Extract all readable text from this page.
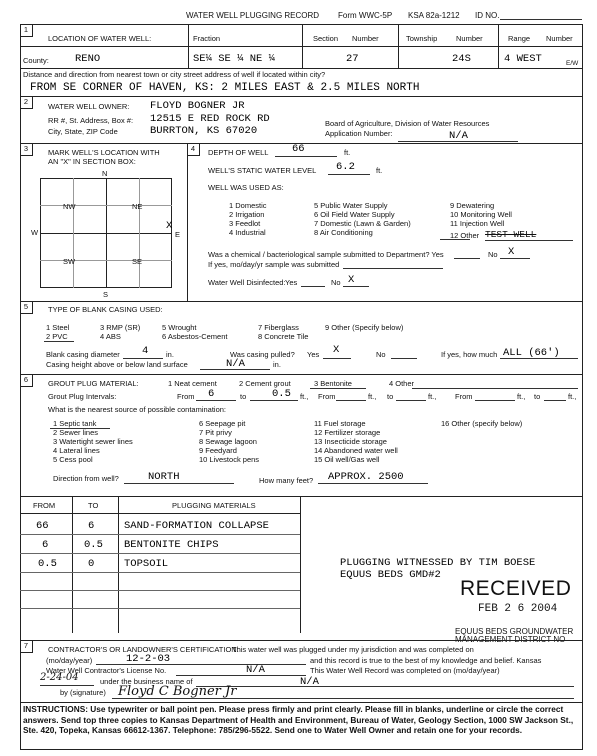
WATER WELL PLUGGING RECORD Form WWC-5P KSA 82a-1212 ID NO.
1
LOCATION OF WATER WELL:	Fraction	Section Number	Township Number	Range Number
County: RENO	SE¼ SE ¼ NE ¼	27	24S	4 WEST	E/W
Distance and direction from nearest town or city street address of well if located within city?
FROM SE CORNER OF HAVEN, KS: 2 MILES EAST & 2.5 MILES NORTH
2
WATER WELL OWNER: FLOYD BOGNER JR
RR #, St. Address, Box #: 12515 E RED ROCK RD
City, State, ZIP Code	BURRTON, KS 67020
Board of Agriculture, Division of Water Resources
Application Number:	N/A
3	MARK WELL'S LOCATION WITH
AN "X" IN SECTION BOX:
N
S
W	E
NW	NE
SW	SE
X
4	DEPTH OF WELL 66	ft.
WELL'S STATIC WATER LEVEL 6.2	ft.
WELL WAS USED AS:
1 Domestic
2 Irrigation
3 Feedlot
4 Industrial
5 Public Water Supply
6 Oil Field Water Supply
7 Domestic (Lawn & Garden)
8 Air Conditioning
9 Dewatering
10 Monitoring Well
11 Injection Well
12 Other TEST WELL
Was a chemical / bacteriological sample submitted to Department? Yes	No X
If yes, mo/day/yr sample was submitted
Water Well Disinfected: Yes	No X
5	TYPE OF BLANK CASING USED:
1 Steel
2 PVC
3 RMP (SR)
4 ABS
5 Wrought
6 Asbestos-Cement
7 Fiberglass
8 Concrete Tile
9 Other (Specify below)
Blank casing diameter 4 in.	Was casing pulled? Yes X	No	If yes, how much ALL (66')
Casing height above or below land surface	N/A	in.
6	GROUT PLUG MATERIAL:	1 Neat cement	2 Cement grout	3 Bentonite	4 Other
Grout Plug Intervals:	From 6	to 0.5 ft., From	ft., to	ft., From	ft., to	ft.,
What is the nearest source of possible contamination:
1 Septic tank
2 Sewer lines
3 Watertight sewer lines
4 Lateral lines
5 Cess pool
6 Seepage pit
7 Pit privy
8 Sewage lagoon
9 Feedyard
10 Livestock pens
11 Fuel storage
12 Fertilizer storage
13 Insecticide storage
14 Abandoned water well
15 Oil well/Gas well
16 Other (specify below)
Direction from well?	NORTH	How many feet? APPROX. 2500
FROM	TO	PLUGGING MATERIALS
66	6	SAND-FORMATION COLLAPSE
6	0.5 BENTONITE CHIPS
0.5	0	TOPSOIL	PLUGGING WITNESSED BY TIM BOESE
EQUUS BEDS GMD#2
RECEIVED
FEB 2 6 2004
EQUUS BEDS GROUNDWATER
7	CONTRACTOR'S OR LANDOWNER'S CERTIFICATION:
This water well was plugged under my jurisdiction and was completed on
(mo/day/year)	12-2-03	and this record is true to the best of my knowledge and belief. Kansas
Water Well Contractor's License No.	N/A	This Water Well Record was completed on (mo/day/year)
2-24-04	under the business name of	N/A
by (signature) Floyd C Bogner Jr
INSTRUCTIONS: Use typewriter or ball point pen. Please press firmly and print clearly. Please fill in blanks, underline or circle the correct answers. Send top three copies to Kansas Department of Health and Environment, Bureau of Water, Geology Section, 1000 SW Jackson St., Ste. 420, Topeka, Kansas 66612-1367. Telephone: 785/296-5522. Send one to Water Well Owner and retain one for your records.
